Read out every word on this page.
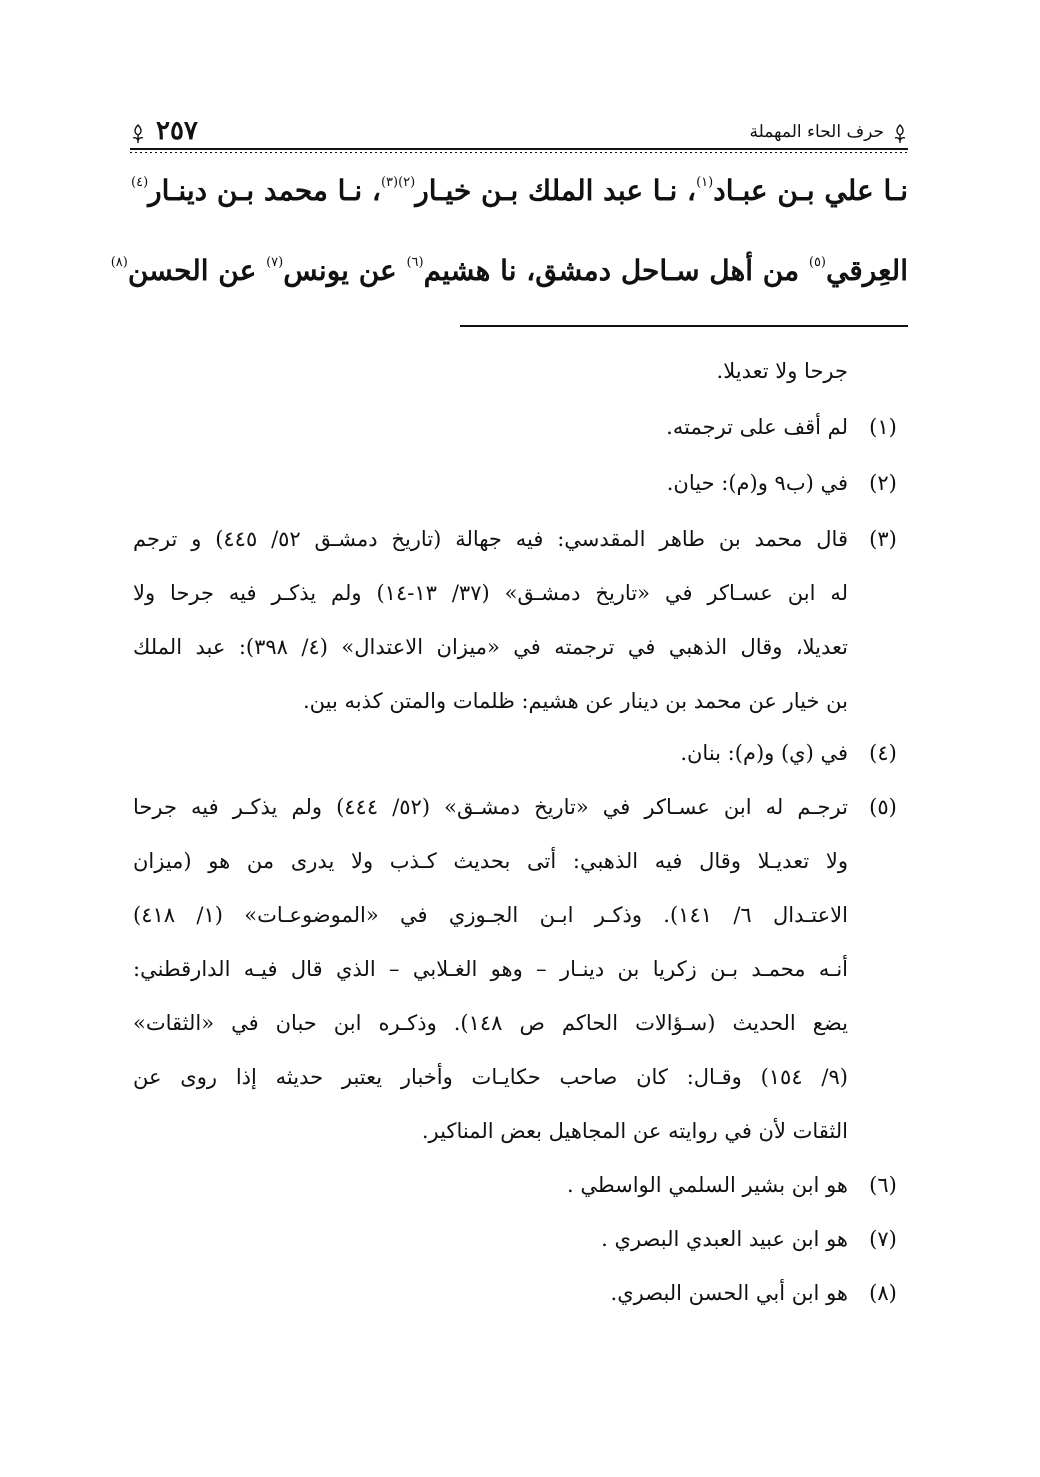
حرف الحاء المهملة
٢٥٧
نـا علي بـن عبـاد$^{(١)}$، نـا عبد الملك بـن خيـار$^{(٢)(٣)}$، نـا محمد بـن دينـار$^{(٤)}$
العِرقي$^{(٥)}$ من أهل سـاحل دمشق، نا هشيم$^{(٦)}$ عن يونس$^{(٧)}$ عن الحسن$^{(٨)}$
جرحا ولا تعديلا.
(١)
لم أقف على ترجمته.
(٢)
في (ب٩ و(م): حيان.
(٣)
قال محمد بن طاهر المقدسي: فيه جهالة (تاريخ دمشـق ٥٢/ ٤٤٥) و ترجم
له ابن عسـاكر في «تاريخ دمشـق» (٣٧/ ١٣-١٤) ولم يذكـر فيه جرحا ولا
تعديلا، وقال الذهبي في ترجمته في «ميزان الاعتدال» (٤/ ٣٩٨): عبد الملك
بن خيار عن محمد بن دينار عن هشيم: ظلمات والمتن كذبه بين.
(٤)
في (ي) و(م): بنان.
(٥)
ترجـم له ابن عسـاكر في «تاريخ دمشـق» (٥٢/ ٤٤٤) ولم يذكـر فيه جرحا
ولا تعديـلا وقال فيه الذهبي: أتى بحديث كـذب ولا يدرى من هو (ميزان
الاعتـدال ٦/ ١٤١). وذكـر ابـن الجـوزي في «الموضوعـات» (١/ ٤١٨)
أنـه محمـد بـن زكريا بن دينـار – وهو الغـلابي – الذي قال فيـه الدارقطني:
يضع الحديث (سـؤالات الحاكم ص ١٤٨). وذكـره ابن حبان في «الثقات»
(٩/ ١٥٤) وقـال: كان صاحب حكايـات وأخبار يعتبر حديثه إذا روى عن
الثقات لأن في روايته عن المجاهيل بعض المناكير.
(٦)
هو ابن بشير السلمي الواسطي .
(٧)
هو ابن عبيد العبدي البصري .
(٨)
هو ابن أبي الحسن البصري.
